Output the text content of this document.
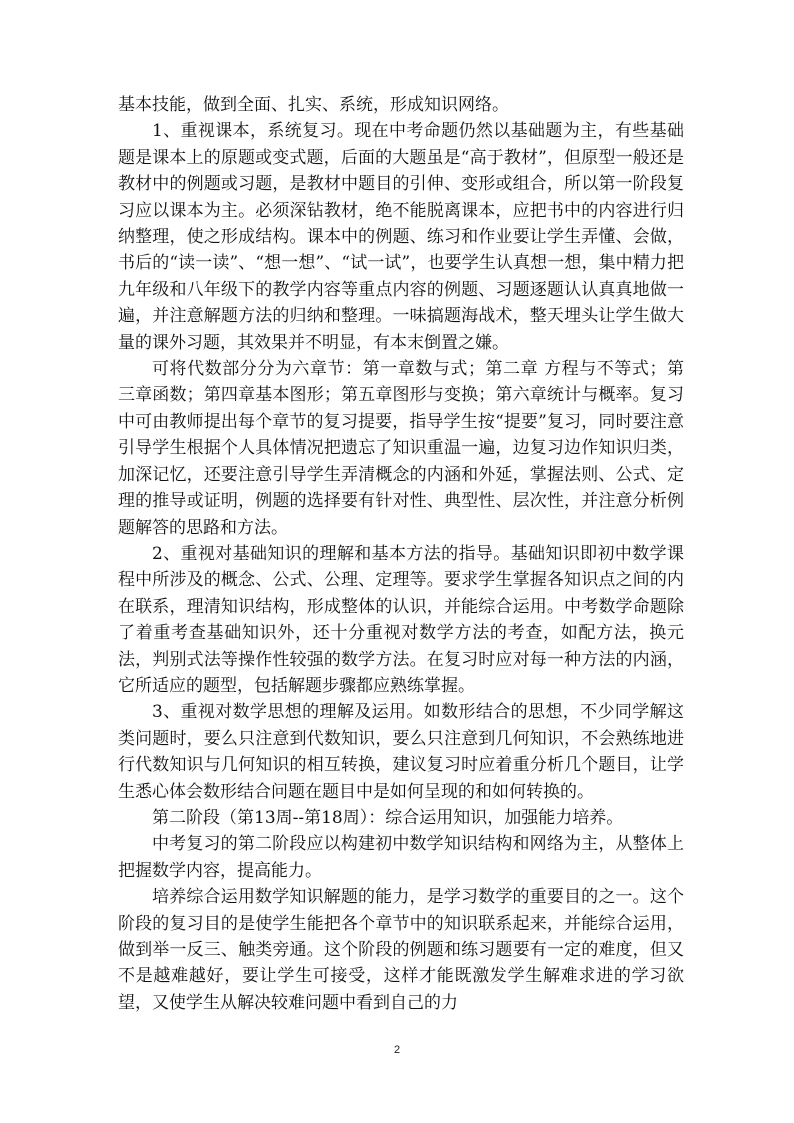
基本技能，做到全面、扎实、系统，形成知识网络。

1、重视课本，系统复习。现在中考命题仍然以基础题为主，有些基础题是课本上的原题或变式题，后面的大题虽是“高于教材”，但原型一般还是教材中的例题或习题，是教材中题目的引伸、变形或组合，所以第一阶段复习应以课本为主。必须深钻教材，绝不能脱离课本，应把书中的内容进行归纳整理，使之形成结构。课本中的例题、练习和作业要让学生弄懂、会做，书后的“读一读”、“想一想”、“试一试”，也要学生认真想一想，集中精力把九年级和八年级下的教学内容等重点内容的例题、习题逐题认认真真地做一遍，并注意解题方法的归纳和整理。一味搞题海战术，整天埋头让学生做大量的课外习题，其效果并不明显，有本末倒置之嫌。

可将代数部分分为六章节：第一章数与式；第二章 方程与不等式；第三章函数；第四章基本图形；第五章图形与变换；第六章统计与概率。复习中可由教师提出每个章节的复习提要，指导学生按“提要”复习，同时要注意引导学生根据个人具体情况把遗忘了知识重温一遍，边复习边作知识归类，加深记忆，还要注意引导学生弄清概念的内涵和外延，掌握法则、公式、定理的推导或证明，例题的选择要有针对性、典型性、层次性，并注意分析例题解答的思路和方法。

2、重视对基础知识的理解和基本方法的指导。基础知识即初中数学课程中所涉及的概念、公式、公理、定理等。要求学生掌握各知识点之间的内在联系，理清知识结构，形成整体的认识，并能综合运用。中考数学命题除了着重考查基础知识外，还十分重视对数学方法的考查，如配方法，换元法，判别式法等操作性较强的数学方法。在复习时应对每一种方法的内涵，它所适应的题型，包括解题步骤都应熟练掌握。

3、重视对数学思想的理解及运用。如数形结合的思想，不少同学解这类问题时，要么只注意到代数知识，要么只注意到几何知识，不会熟练地进行代数知识与几何知识的相互转换，建议复习时应着重分析几个题目，让学生悉心体会数形结合问题在题目中是如何呈现的和如何转换的。

第二阶段（第13周--第18周）：综合运用知识，加强能力培养。

中考复习的第二阶段应以构建初中数学知识结构和网络为主，从整体上把握数学内容，提高能力。

培养综合运用数学知识解题的能力，是学习数学的重要目的之一。这个阶段的复习目的是使学生能把各个章节中的知识联系起来，并能综合运用，做到举一反三、触类旁通。这个阶段的例题和练习题要有一定的难度，但又不是越难越好，要让学生可接受，这样才能既激发学生解难求进的学习欲望，又使学生从解决较难问题中看到自己的力

2
